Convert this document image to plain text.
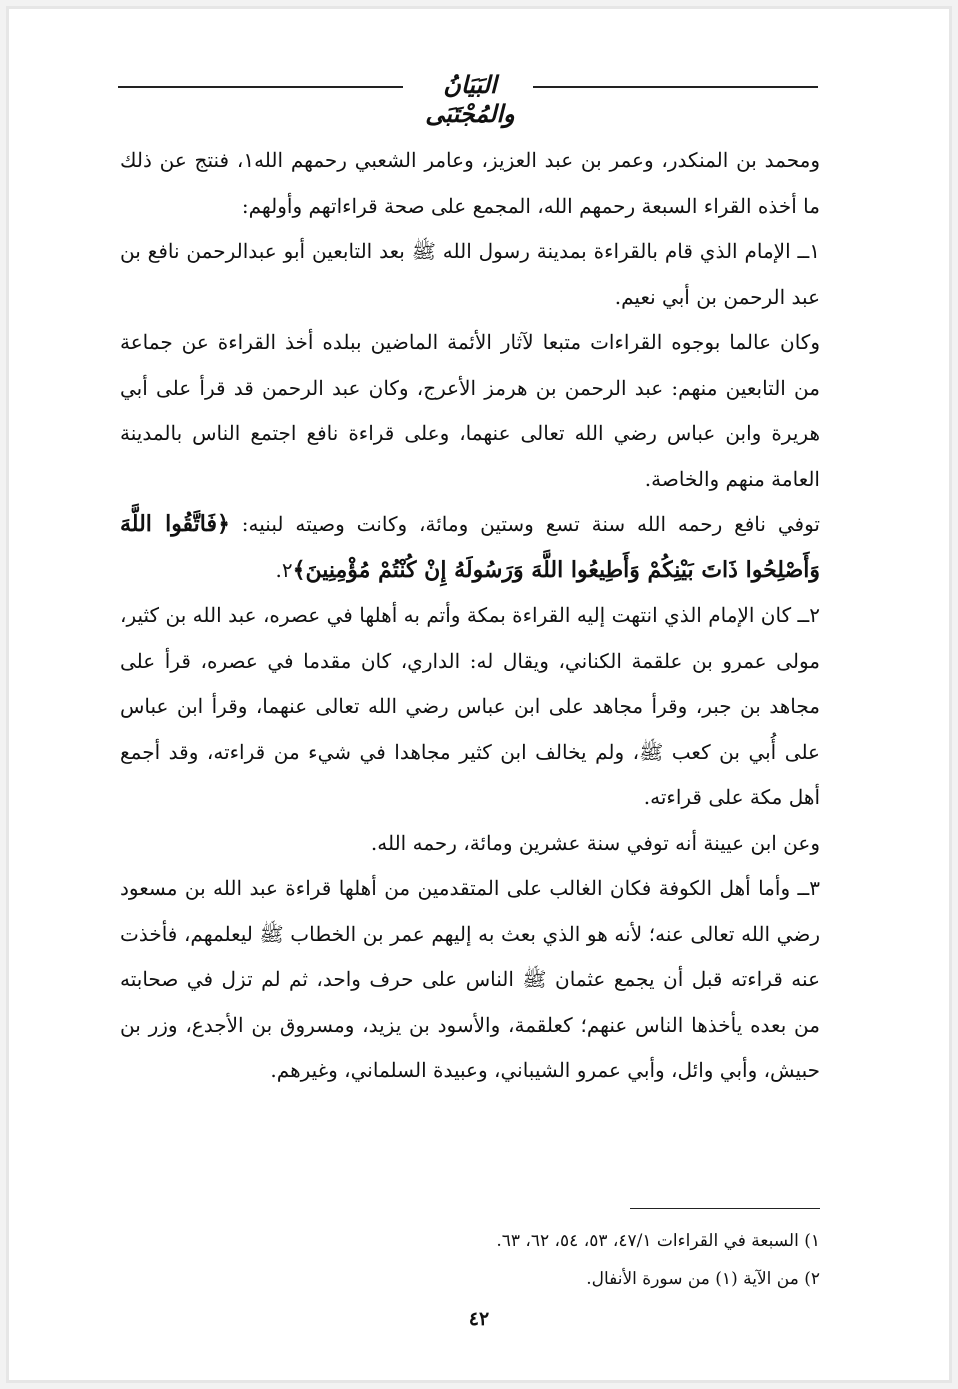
البَيَانُ والمُجْتَبَى

ومحمد بن المنكدر، وعمر بن عبد العزيز، وعامر الشعبي رحمهم الله١، فنتج عن ذلك ما أخذه القراء السبعة رحمهم الله، المجمع على صحة قراءاتهم وأولهم:

١ــ الإمام الذي قام بالقراءة بمدينة رسول الله ﷺ بعد التابعين أبو عبدالرحمن نافع بن عبد الرحمن بن أبي نعيم.

وكان عالما بوجوه القراءات متبعا لآثار الأئمة الماضين ببلده أخذ القراءة عن جماعة من التابعين منهم: عبد الرحمن بن هرمز الأعرج، وكان عبد الرحمن قد قرأ على أبي هريرة وابن عباس رضي الله تعالى عنهما، وعلى قراءة نافع اجتمع الناس بالمدينة العامة منهم والخاصة.

توفي نافع رحمه الله سنة تسع وستين ومائة، وكانت وصيته لبنيه: ﴿فَاتَّقُوا اللَّهَ وَأَصْلِحُوا ذَاتَ بَيْنِكُمْ وَأَطِيعُوا اللَّهَ وَرَسُولَهُ إِنْ كُنْتُمْ مُؤْمِنِينَ﴾٢.

٢ــ كان الإمام الذي انتهت إليه القراءة بمكة وأتم به أهلها في عصره، عبد الله بن كثير، مولى عمرو بن علقمة الكناني، ويقال له: الداري، كان مقدما في عصره، قرأ على مجاهد بن جبر، وقرأ مجاهد على ابن عباس رضي الله تعالى عنهما، وقرأ ابن عباس على أُبي بن كعب ﷺ، ولم يخالف ابن كثير مجاهدا في شيء من قراءته، وقد أجمع أهل مكة على قراءته.

وعن ابن عيينة أنه توفي سنة عشرين ومائة، رحمه الله.

٣ــ وأما أهل الكوفة فكان الغالب على المتقدمين من أهلها قراءة عبد الله بن مسعود رضي الله تعالى عنه؛ لأنه هو الذي بعث به إليهم عمر بن الخطاب ﷺ ليعلمهم، فأخذت عنه قراءته قبل أن يجمع عثمان ﷺ الناس على حرف واحد، ثم لم تزل في صحابته من بعده يأخذها الناس عنهم؛ كعلقمة، والأسود بن يزيد، ومسروق بن الأجدع، وزر بن حبيش، وأبي وائل، وأبي عمرو الشيباني، وعبيدة السلماني، وغيرهم.

١) السبعة في القراءات ٤٧/١، ٥٣، ٥٤، ٦٢، ٦٣.

٢) من الآية (١) من سورة الأنفال.

٤٢
